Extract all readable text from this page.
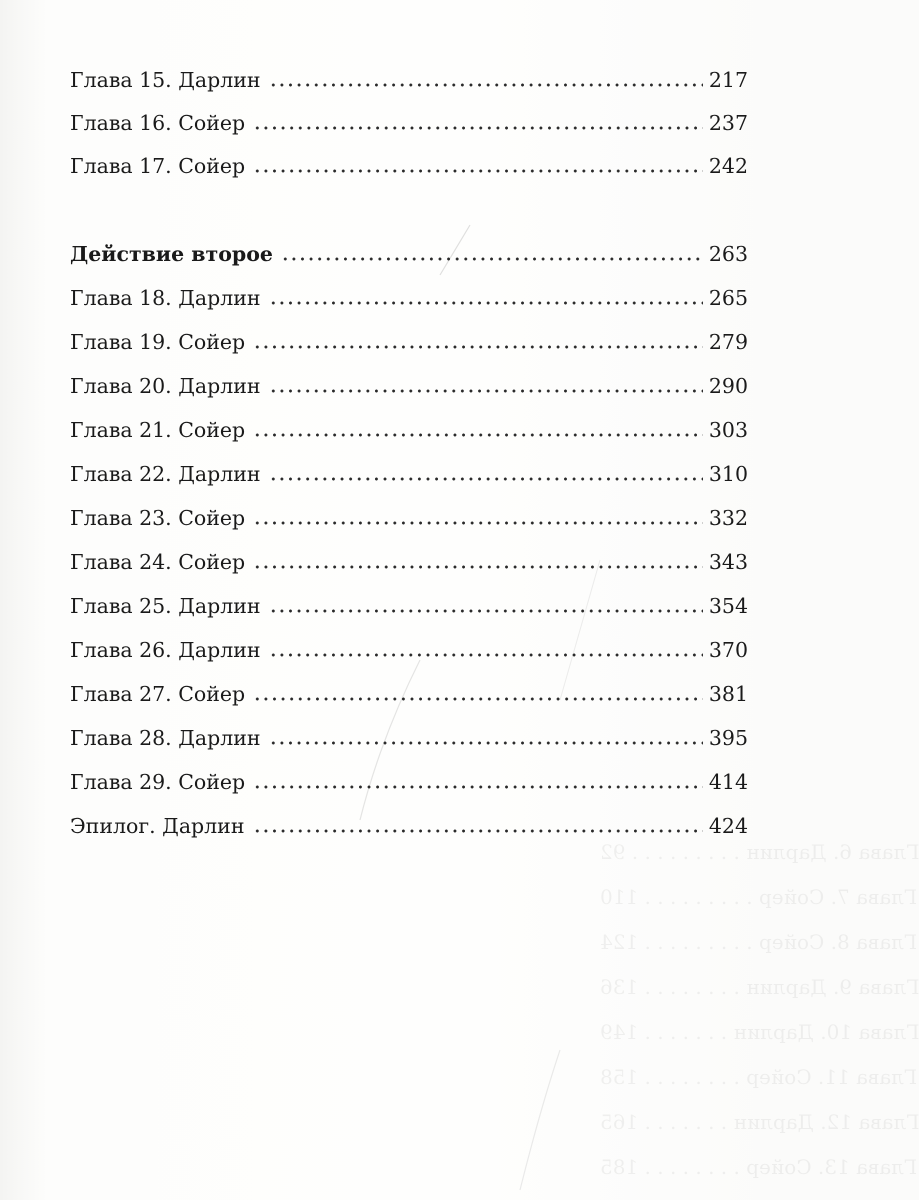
Глава 6. Дарлин . . . . . . . . . 92
Глава 7. Сойер . . . . . . . . . 110
Глава 8. Сойер . . . . . . . . . 124
Глава 9. Дарлин . . . . . . . . 136
Глава 10. Дарлин . . . . . . . 149
Глава 11. Сойер . . . . . . . . 158
Глава 12. Дарлин . . . . . . . 165
Глава 13. Сойер . . . . . . . . 185
Глава 15. Дарлин	217
Глава 16. Сойер	237
Глава 17. Сойер	242
Действие второе	263
Глава 18. Дарлин	265
Глава 19. Сойер	279
Глава 20. Дарлин	290
Глава 21. Сойер	303
Глава 22. Дарлин	310
Глава 23. Сойер	332
Глава 24. Сойер	343
Глава 25. Дарлин	354
Глава 26. Дарлин	370
Глава 27. Сойер	381
Глава 28. Дарлин	395
Глава 29. Сойер	414
Эпилог. Дарлин	424
